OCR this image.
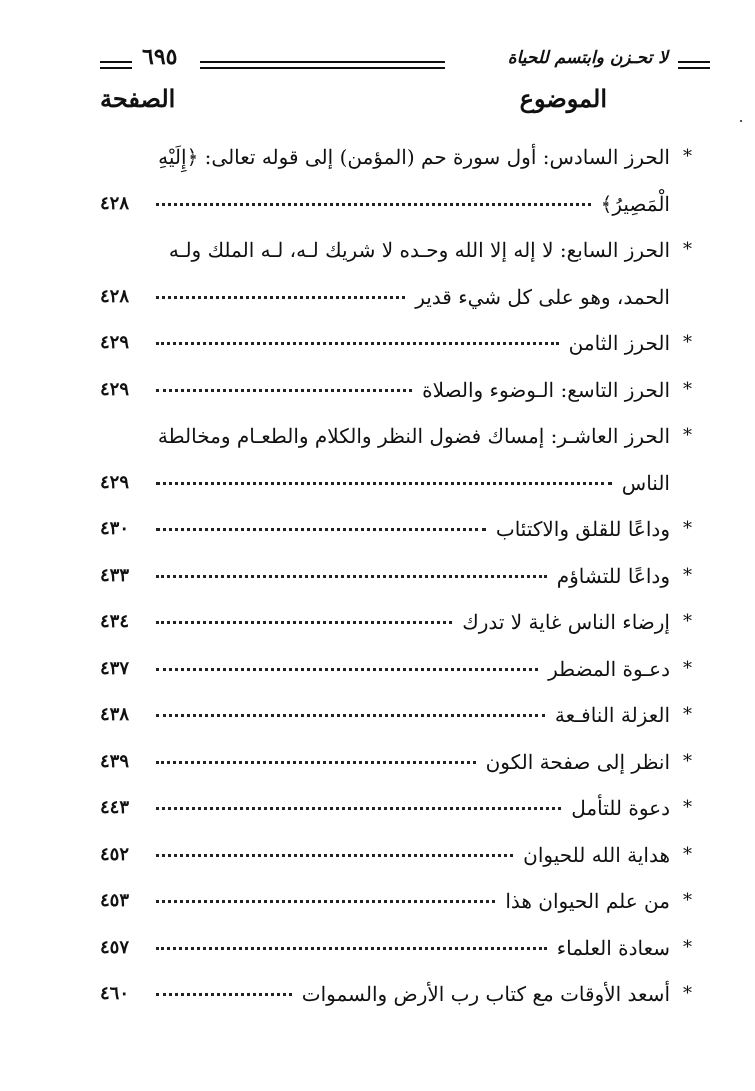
لا تحـزن وابتسم للحياة
٦٩٥
الموضوع
الصفحة
*
الحرز السادس: أول سورة حم (المؤمن) إلى قوله تعالى: ﴿إِلَيْهِ
الْمَصِيرُ﴾
٤٢٨
*
الحرز السابع: لا إله إلا الله وحـده لا شريك لـه، لـه الملك ولـه
الحمد، وهو على كل شيء قدير
٤٢٨
*
الحرز الثامن
٤٢٩
*
الحرز التاسع: الـوضوء والصلاة
٤٢٩
*
الحرز العاشـر: إمساك فضول النظر والكلام والطعـام ومخالطة
الناس
٤٢٩
*
وداعًا للقلق والاكتئاب
٤٣٠
*
وداعًا للتشاؤم
٤٣٣
*
إرضاء الناس غاية لا تدرك
٤٣٤
*
دعـوة المضطر
٤٣٧
*
العزلة النافـعة
٤٣٨
*
انظر إلى صفحة الكون
٤٣٩
*
دعوة للتأمل
٤٤٣
*
هداية الله للحيوان
٤٥٢
*
من علم الحيوان هذا
٤٥٣
*
سعادة العلماء
٤٥٧
*
أسعد الأوقات مع كتاب رب الأرض والسموات
٤٦٠
